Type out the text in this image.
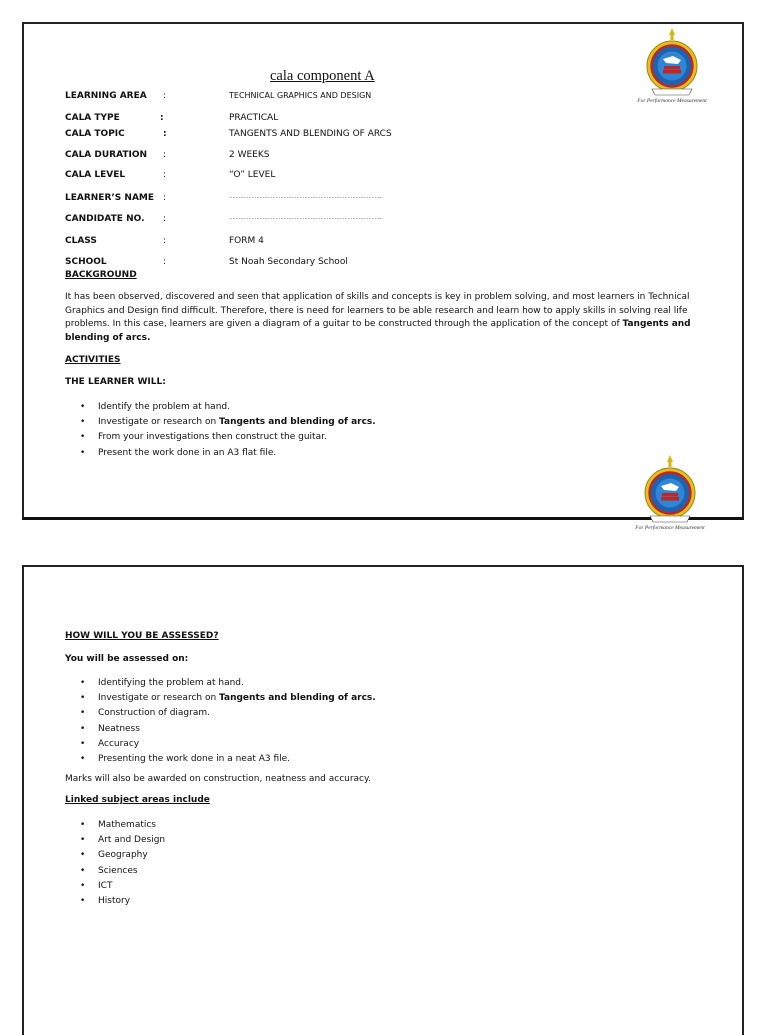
cala component A
For Performance Measurement
LEARNING AREA :	TECHNICAL GRAPHICS AND DESIGN
CALA TYPE	:	PRACTICAL
CALA TOPIC	:	TANGENTS AND BLENDING OF ARCS
CALA DURATION :	2 WEEKS
CALA LEVEL	:	“O” LEVEL
LEARNER’S NAME :	……………………………………………………………………………………
CANDIDATE NO. :	……………………………………………………………………………………
CLASS	:	FORM 4
SCHOOL	:	St Noah Secondary School
BACKGROUND
It has been observed, discovered and seen that application of skills and concepts is key in problem solving, and most learners in Technical Graphics and Design find difficult. Therefore, there is need for learners to be able research and learn how to apply skills in solving real life problems. In this case, learners are given a diagram of a guitar to be constructed through the application of the concept of Tangents and blending of arcs.
ACTIVITIES
THE LEARNER WILL:
• Identify the problem at hand.
• Investigate or research on Tangents and blending of arcs.
• From your investigations then construct the guitar.
• Present the work done in an A3 flat file.
For Performance Measurement
HOW WILL YOU BE ASSESSED?
You will be assessed on:
• Identifying the problem at hand.
• Investigate or research on Tangents and blending of arcs.
• Construction of diagram.
• Neatness
• Accuracy
• Presenting the work done in a neat A3 file.
Marks will also be awarded on construction, neatness and accuracy.
Linked subject areas include
• Mathematics
• Art and Design
• Geography
• Sciences
• ICT
• History
